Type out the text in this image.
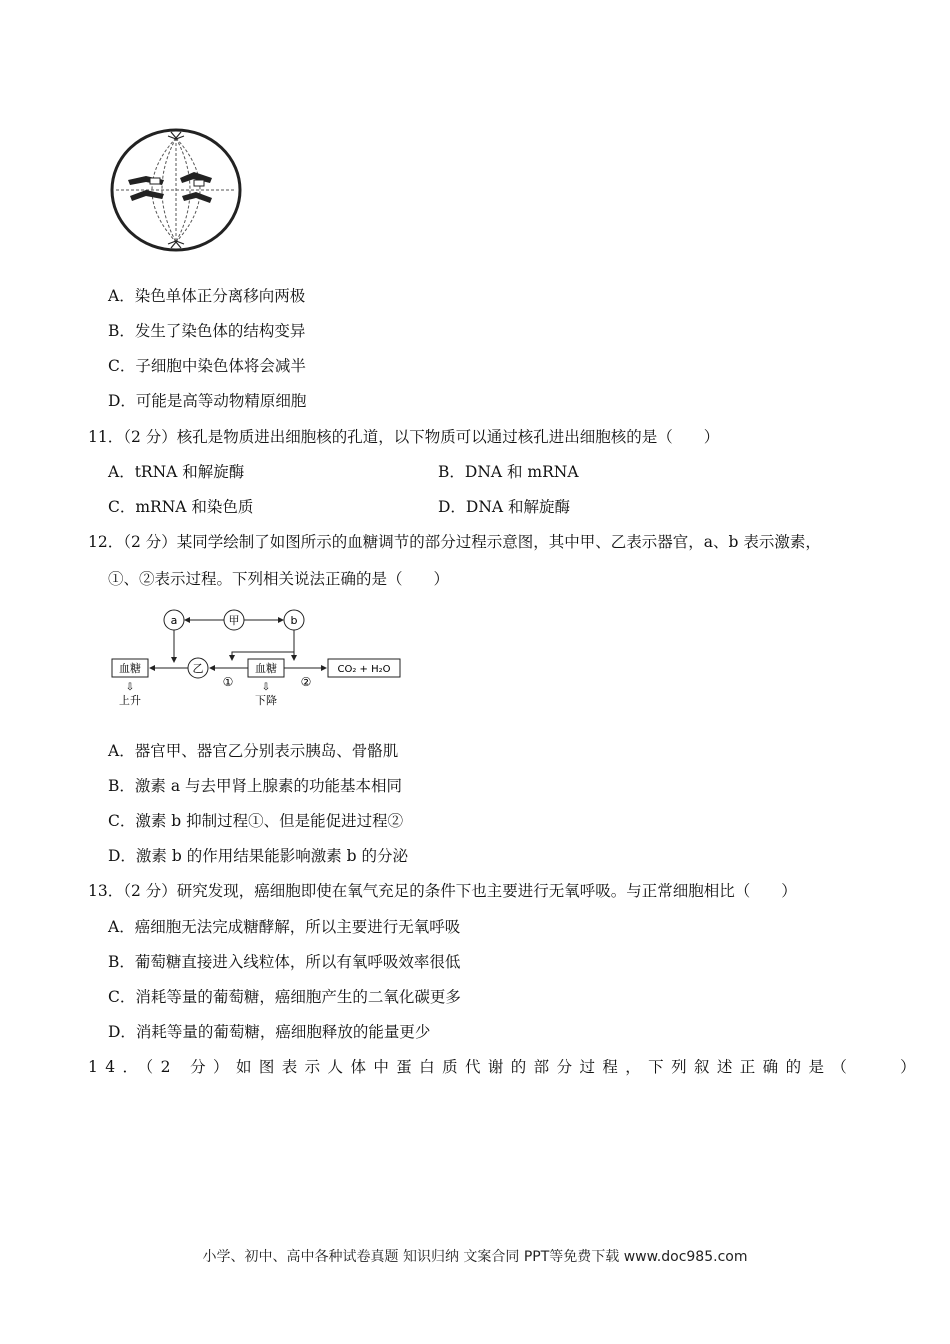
A．染色单体正分离移向两极
B．发生了染色体的结构变异
C．子细胞中染色体将会减半
D．可能是高等动物精原细胞
11．（2 分）核孔是物质进出细胞核的孔道，以下物质可以通过核孔进出细胞核的是（　　）
A．tRNA 和解旋酶	B．DNA 和 mRNA
C．mRNA 和染色质	D．DNA 和解旋酶
12．（2 分）某同学绘制了如图所示的血糖调节的部分过程示意图，其中甲、乙表示器官，a、b 表示激素，
①、②表示过程。下列相关说法正确的是（　　）
a	甲	b
血糖	乙	血糖
①	②
CO₂ + H₂O
⇩
上升
⇩
下降
A．器官甲、器官乙分别表示胰岛、骨骼肌
B．激素 a 与去甲肾上腺素的功能基本相同
C．激素 b 抑制过程①、但是能促进过程②
D．激素 b 的作用结果能影响激素 b 的分泌
13．（2 分）研究发现，癌细胞即使在氧气充足的条件下也主要进行无氧呼吸。与正常细胞相比（　　）
A．癌细胞无法完成糖酵解，所以主要进行无氧呼吸
B．葡萄糖直接进入线粒体，所以有氧呼吸效率很低
C．消耗等量的葡萄糖，癌细胞产生的二氧化碳更多
D．消耗等量的葡萄糖，癌细胞释放的能量更少
14．（2 分）如图表示人体中蛋白质代谢的部分过程，下列叙述正确的是（　　）
小学、初中、高中各种试卷真题 知识归纳 文案合同 PPT等免费下载 www.doc985.com
